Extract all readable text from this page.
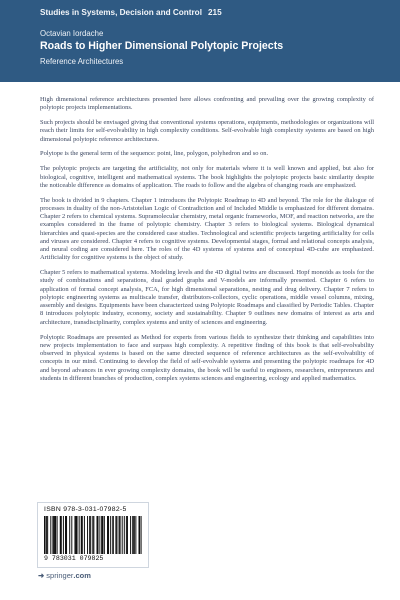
Studies in Systems, Decision and Control 215
Octavian Iordache
Roads to Higher Dimensional Polytopic Projects
Reference Architectures

High dimensional reference architectures presented here allows confronting and prevailing over the growing complexity of polytopic projects implementations.

Such projects should be envisaged giving that conventional systems operations, equipments, methodologies or organizations will reach their limits for self-evolvability in high complexity conditions. Self-evolvable high complexity systems are based on high dimensional polytopic reference architectures.

Polytope is the general term of the sequence: point, line, polygon, polyhedron and so on.

The polytopic projects are targeting the artificiality, not only for materials where it is well known and applied, but also for biological, cognitive, intelligent and mathematical systems. The book highlights the polytopic projects basic similarity despite the noticeable difference as domains of application. The roads to follow and the algebra of changing roads are emphasized.

The book is divided in 9 chapters. Chapter 1 introduces the Polytopic Roadmap to 4D and beyond. The role for the dialogue of processes in duality of the non-Aristotelian Logic of Contradiction and of Included Middle is emphasized for different domains. Chapter 2 refers to chemical systems. Supramolecular chemistry, metal organic frameworks, MOF, and reaction networks, are the examples considered in the frame of polytopic chemistry. Chapter 3 refers to biological systems. Biological dynamical hierarchies and quasi-species are the considered case studies. Technological and scientific projects targeting artificiality for cells and viruses are considered. Chapter 4 refers to cognitive systems. Developmental stages, formal and relational concepts analysis, and neural coding are considered here. The roles of the 4D systems of systems and of conceptual 4D-cube are emphasized. Artificiality for cognitive systems is the object of study.

Chapter 5 refers to mathematical systems. Modeling levels and the 4D digital twins are discussed. Hopf monoids as tools for the study of combinations and separations, dual graded graphs and V-models are informally presented. Chapter 6 refers to application of formal concept analysis, FCA, for high dimensional separations, nesting and drug delivery. Chapter 7 refers to polytopic engineering systems as multiscale transfer, distributors-collectors, cyclic operations, middle vessel columns, mixing, assembly and designs. Equipments have been characterized using Polytopic Roadmaps and classified by Periodic Tables. Chapter 8 introduces polytopic industry, economy, society and sustainability. Chapter 9 outlines new domains of interest as arts and architecture, transdisciplinarity, complex systems and unity of sciences and engineering.

Polytopic Roadmaps are presented as Method for experts from various fields to synthesize their thinking and capabilities into new projects implementation to face and surpass high complexity. A repetitive finding of this book is that self-evolvability observed in physical systems is based on the same directed sequence of reference architectures as the self-evolvability of concepts in our mind. Continuing to develop the field of self-evolvable systems and presenting the polytopic roadmaps for 4D and beyond advances in ever growing complexity domains, the book will be useful to engineers, researchers, entrepreneurs and students in different branches of production, complex systems sciences and engineering, ecology and applied mathematics.

ISBN 978-3-031-07982-5
9 783031 079825
➜ springer.com
